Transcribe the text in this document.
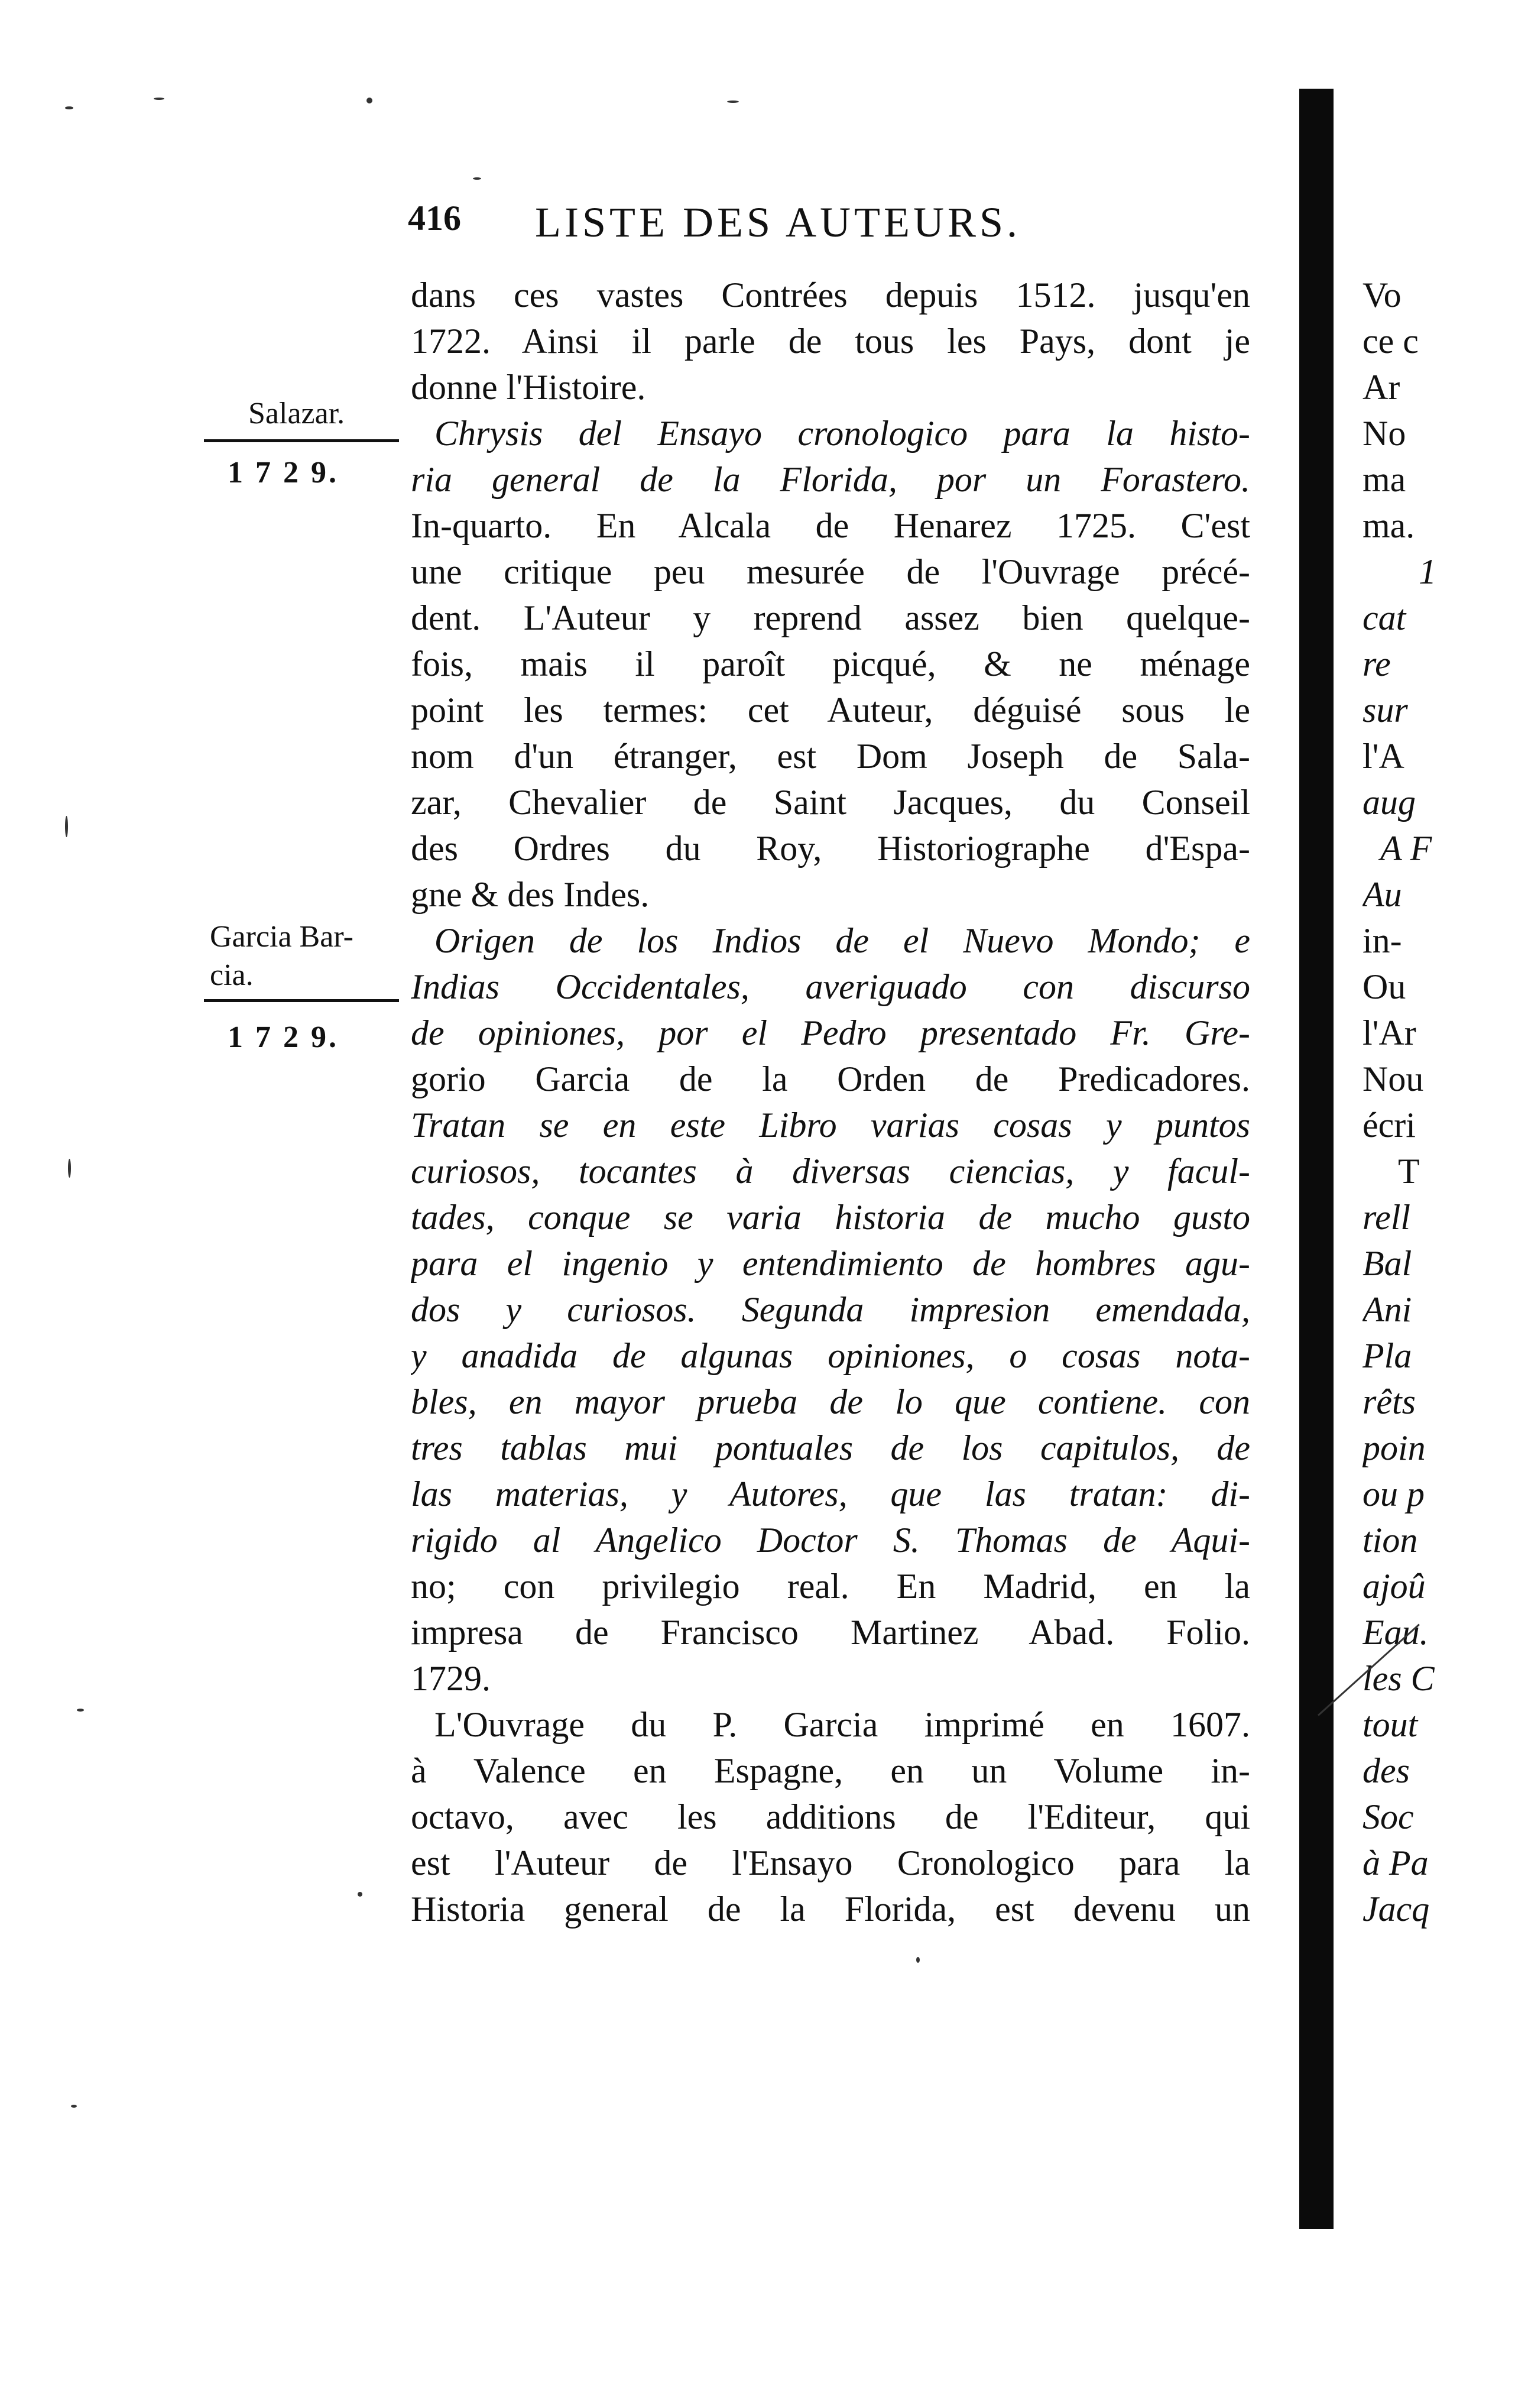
416 LISTE DES AUTEURS.
Salazar.
1 7 2 9.
Garcia Bar-
cia.
1 7 2 9.
dans ces vastes Contrées depuis 1512. jusqu'en
1722. Ainsi il parle de tous les Pays, dont je
donne l'Histoire.
Chrysis del Ensayo cronologico para la histo-
ria general de la Florida, por un Forastero.
In-quarto. En Alcala de Henarez 1725. C'est
une critique peu mesurée de l'Ouvrage précé-
dent. L'Auteur y reprend assez bien quelque-
fois, mais il paroît picqué, & ne ménage
point les termes: cet Auteur, déguisé sous le
nom d'un étranger, est Dom Joseph de Sala-
zar, Chevalier de Saint Jacques, du Conseil
des Ordres du Roy, Historiographe d'Espa-
gne & des Indes.
Origen de los Indios de el Nuevo Mondo; e
Indias Occidentales, averiguado con discurso
de opiniones, por el Pedro presentado Fr. Gre-
gorio Garcia de la Orden de Predicadores.
Tratan se en este Libro varias cosas y puntos
curiosos, tocantes à diversas ciencias, y facul-
tades, conque se varia historia de mucho gusto
para el ingenio y entendimiento de hombres agu-
dos y curiosos. Segunda impresion emendada,
y anadida de algunas opiniones, o cosas nota-
bles, en mayor prueba de lo que contiene. con
tres tablas mui pontuales de los capitulos, de
las materias, y Autores, que las tratan: di-
rigido al Angelico Doctor S. Thomas de Aqui-
no; con privilegio real. En Madrid, en la
impresa de Francisco Martinez Abad. Folio.
1729.
L'Ouvrage du P. Garcia imprimé en 1607.
à Valence en Espagne, en un Volume in-
octavo, avec les additions de l'Editeur, qui
est l'Auteur de l'Ensayo Cronologico para la
Historia general de la Florida, est devenu un
Vo
ce c
Ar
No
ma
ma.
1
cat
re
sur
l'A
aug
A F
Au
in-
Ou
l'Ar
Nou
écri
T
rell
Bal
Ani
Pla
rêts
poin
ou p
tion
ajoû
Eau.
les C
tout
des
Soc
à Pa
Jacq
